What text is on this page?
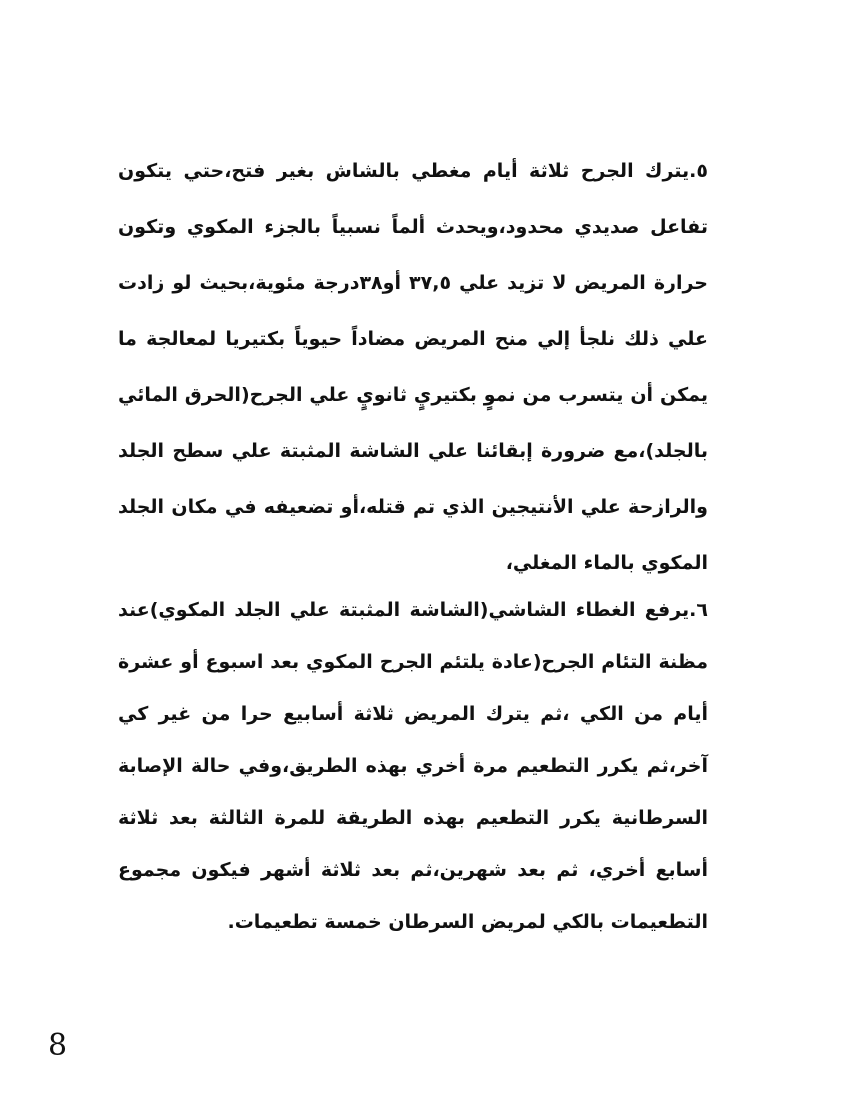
٥.يترك الجرح ثلاثة أيام مغطي بالشاش بغير فتح،حتي يتكون
تفاعل صديدي محدود،ويحدث ألماً نسبياً بالجزء المكوي وتكون
حرارة المريض لا تزيد علي ٣٧,٥ أو٣٨درجة مئوية،بحيث لو زادت
علي ذلك نلجأ إلي منح المريض مضاداً حيوياً بكتيريا لمعالجة ما
يمكن أن يتسرب من نموٍ بكتيريٍ ثانويٍ علي الجرح(الحرق المائي
بالجلد)،مع ضرورة إبقائنا علي الشاشة المثبتة علي سطح الجلد
والرازحة علي الأنتيجين الذي تم قتله،أو تضعيفه في مكان الجلد
المكوي بالماء المغلي،
٦.يرفع الغطاء الشاشي(الشاشة المثبتة علي الجلد المكوي)عند
مظنة التئام الجرح(عادة يلتئم الجرح المكوي بعد اسبوع أو عشرة
أيام من الكي ،ثم يترك المريض ثلاثة أسابيع حرا من غير كي
آخر،ثم يكرر التطعيم مرة أخري بهذه الطريق،وفي حالة الإصابة
السرطانية يكرر التطعيم بهذه الطريقة للمرة الثالثة بعد ثلاثة
أسابع أخري، ثم بعد شهرين،ثم بعد ثلاثة أشهر فيكون مجموع
التطعيمات بالكي لمريض السرطان خمسة تطعيمات.
8
